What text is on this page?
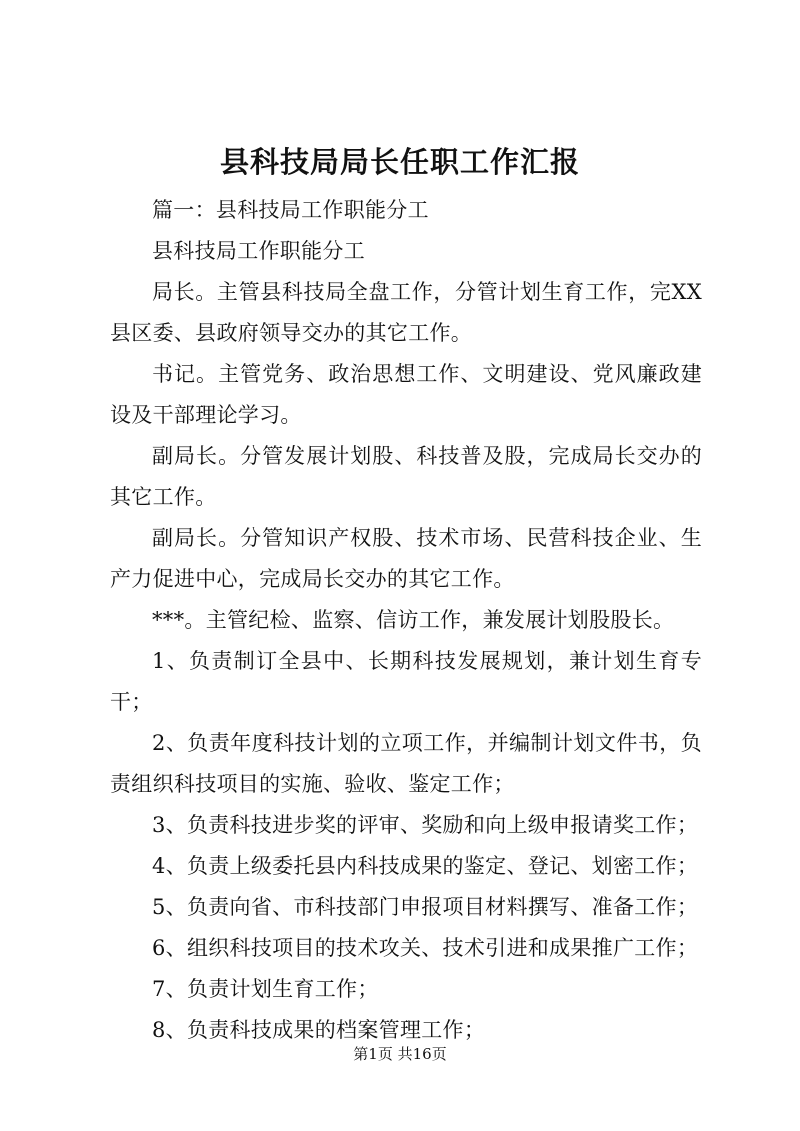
县科技局局长任职工作汇报

篇一：县科技局工作职能分工

县科技局工作职能分工

局长。主管县科技局全盘工作，分管计划生育工作，完XX县区委、县政府领导交办的其它工作。

书记。主管党务、政治思想工作、文明建设、党风廉政建设及干部理论学习。

副局长。分管发展计划股、科技普及股，完成局长交办的其它工作。

副局长。分管知识产权股、技术市场、民营科技企业、生产力促进中心，完成局长交办的其它工作。

***。主管纪检、监察、信访工作，兼发展计划股股长。

1、负责制订全县中、长期科技发展规划，兼计划生育专干；

2、负责年度科技计划的立项工作，并编制计划文件书，负责组织科技项目的实施、验收、鉴定工作；

3、负责科技进步奖的评审、奖励和向上级申报请奖工作；

4、负责上级委托县内科技成果的鉴定、登记、划密工作；

5、负责向省、市科技部门申报项目材料撰写、准备工作；

6、组织科技项目的技术攻关、技术引进和成果推广工作；

7、负责计划生育工作；

8、负责科技成果的档案管理工作；

第1页 共16页
